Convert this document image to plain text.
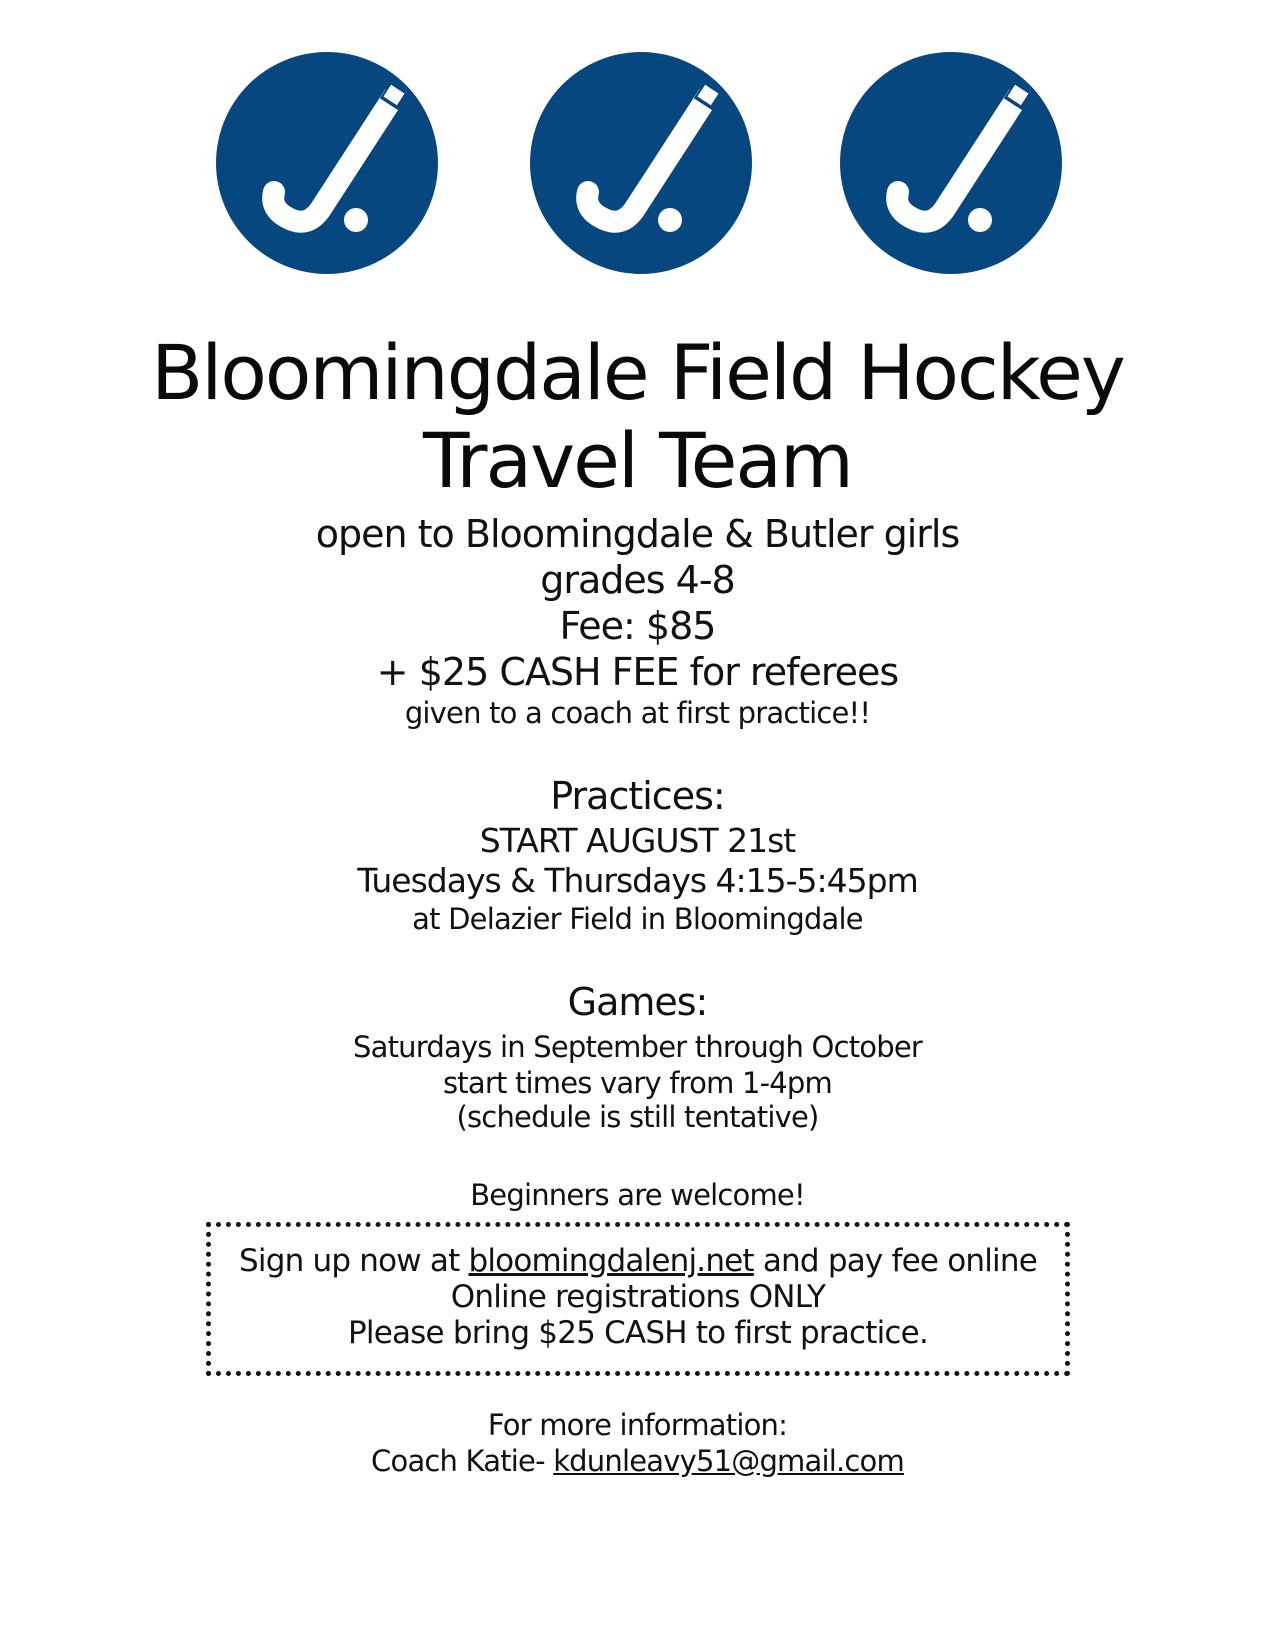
Bloomingdale Field Hockey
Travel Team
open to Bloomingdale & Butler girls
grades 4-8
Fee: $85
+ $25 CASH FEE for referees
given to a coach at first practice!!
Practices:
START AUGUST 21st
Tuesdays & Thursdays 4:15-5:45pm
at Delazier Field in Bloomingdale
Games:
Saturdays in September through October
start times vary from 1-4pm
(schedule is still tentative)
Beginners are welcome!
Sign up now at bloomingdalenj.net and pay fee online
Online registrations ONLY
Please bring $25 CASH to first practice.
For more information:
Coach Katie- kdunleavy51@gmail.com
